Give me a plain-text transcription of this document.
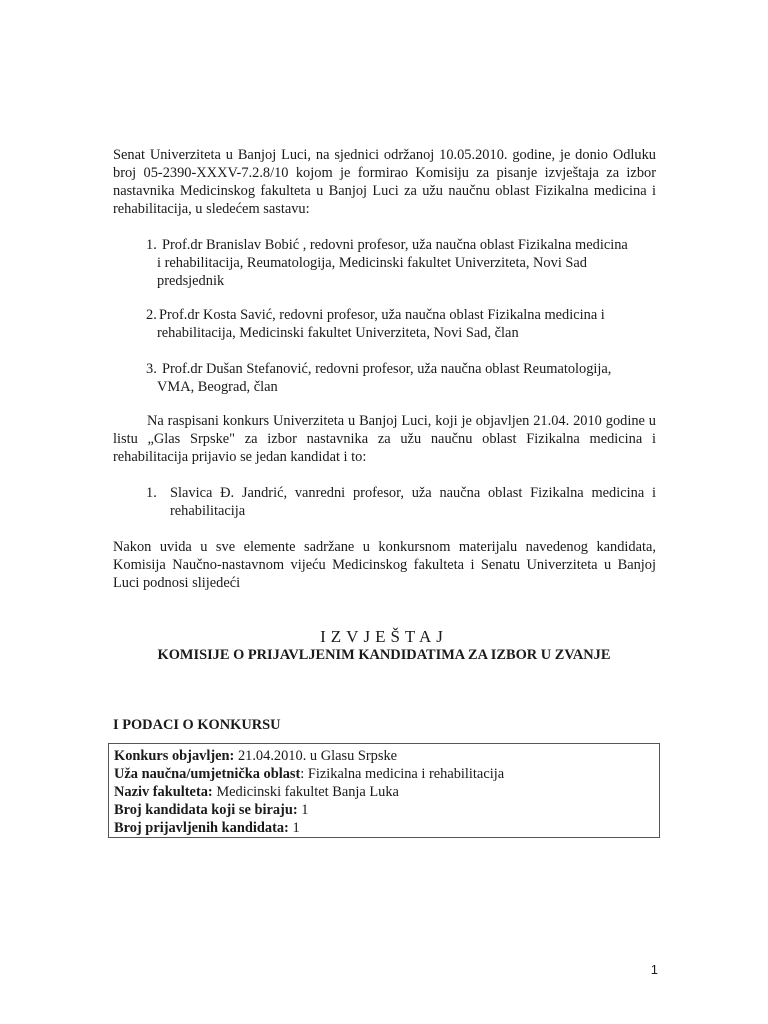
Senat Univerziteta u Banjoj Luci, na sjednici održanoj 10.05.2010. godine, je donio Odluku broj 05-2390-XXXV-7.2.8/10 kojom je formirao Komisiju za pisanje izvještaja za izbor nastavnika Medicinskog fakulteta u Banjoj Luci za užu naučnu oblast Fizikalna medicina i rehabilitacija, u sledećem sastavu:

1. Prof.dr Branislav Bobić , redovni profesor, uža naučna oblast Fizikalna medicina
i rehabilitacija, Reumatologija, Medicinski fakultet Univerziteta, Novi Sad
predsjednik
2. Prof.dr Kosta Savić, redovni profesor, uža naučna oblast Fizikalna medicina i
rehabilitacija, Medicinski fakultet Univerziteta, Novi Sad, član
3. Prof.dr Dušan Stefanović, redovni profesor, uža naučna oblast Reumatologija,
VMA, Beograd, član

Na raspisani konkurs Univerziteta u Banjoj Luci, koji je objavljen 21.04. 2010 godine u listu „Glas Srpske" za izbor nastavnika za užu naučnu oblast Fizikalna medicina i rehabilitacija prijavio se jedan kandidat i to:

1. Slavica Đ. Jandrić, vanredni profesor, uža naučna oblast Fizikalna medicina i
rehabilitacija

Nakon uvida u sve elemente sadržane u konkursnom materijalu navedenog kandidata, Komisija Naučno-nastavnom vijeću Medicinskog fakulteta i Senatu Univerziteta u Banjoj Luci podnosi slijedeći

IZVJEŠTAJ

KOMISIJE O PRIJAVLJENIM KANDIDATIMA ZA IZBOR U ZVANJE

I PODACI O KONKURSU

Konkurs objavljen: 21.04.2010. u Glasu Srpske
Uža naučna/umjetnička oblast: Fizikalna medicina i rehabilitacija
Naziv fakulteta: Medicinski fakultet Banja Luka
Broj kandidata koji se biraju: 1
Broj prijavljenih kandidata: 1
1
